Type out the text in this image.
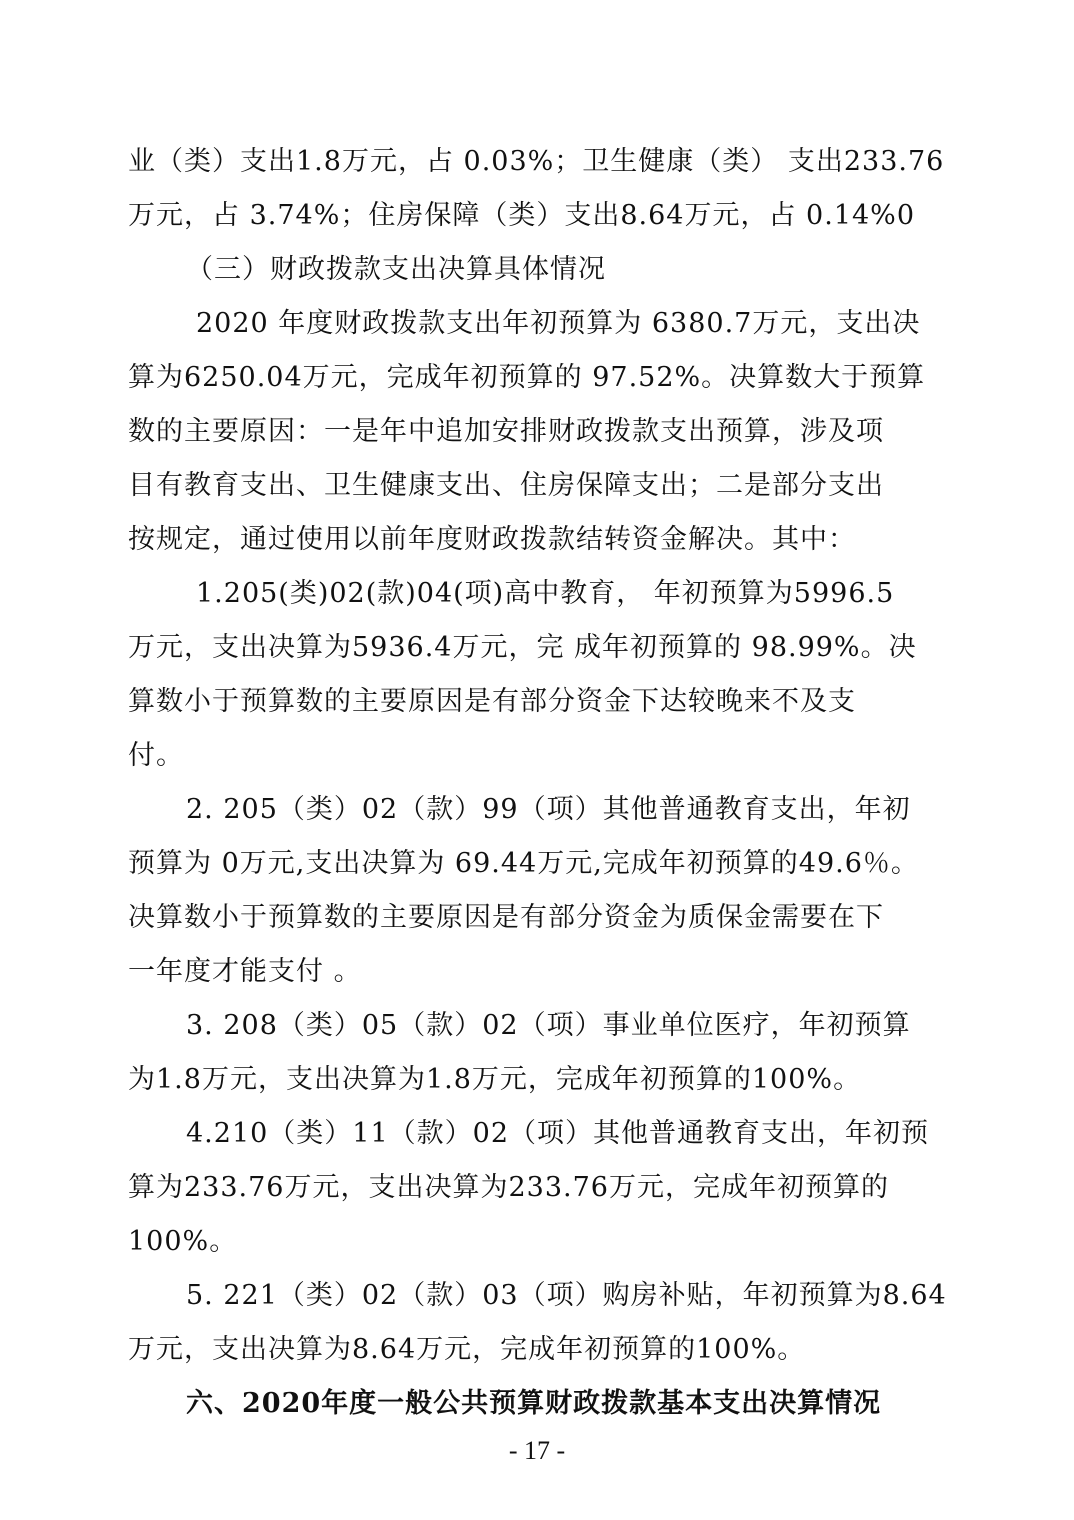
业（类）支出1.8万元，占 0.03%；卫生健康（类） 支出233.76
万元，占 3.74%；住房保障（类）支出8.64万元，占 0.14%0
（三）财政拨款支出决算具体情况
2020 年度财政拨款支出年初预算为 6380.7万元，支出决
算为6250.04万元，完成年初预算的 97.52%。决算数大于预算
数的主要原因：一是年中追加安排财政拨款支出预算，涉及项
目有教育支出、卫生健康支出、住房保障支出；二是部分支出
按规定，通过使用以前年度财政拨款结转资金解决。其中：
1.205(类)02(款)04(项)高中教育， 年初预算为5996.5
万元，支出决算为5936.4万元，完 成年初预算的 98.99%。决
算数小于预算数的主要原因是有部分资金下达较晚来不及支
付。
2. 205（类）02（款）99（项）其他普通教育支出，年初
预算为 0万元,支出决算为 69.44万元,完成年初预算的49.6％。
决算数小于预算数的主要原因是有部分资金为质保金需要在下
一年度才能支付 。
3. 208（类）05（款）02（项）事业单位医疗，年初预算
为1.8万元，支出决算为1.8万元，完成年初预算的100%。
4.210（类）11（款）02（项）其他普通教育支出，年初预
算为233.76万元，支出决算为233.76万元，完成年初预算的
100%。
5. 221（类）02（款）03（项）购房补贴，年初预算为8.64
万元，支出决算为8.64万元，完成年初预算的100%。
六、2020年度一般公共预算财政拨款基本支出决算情况
- 17 -
